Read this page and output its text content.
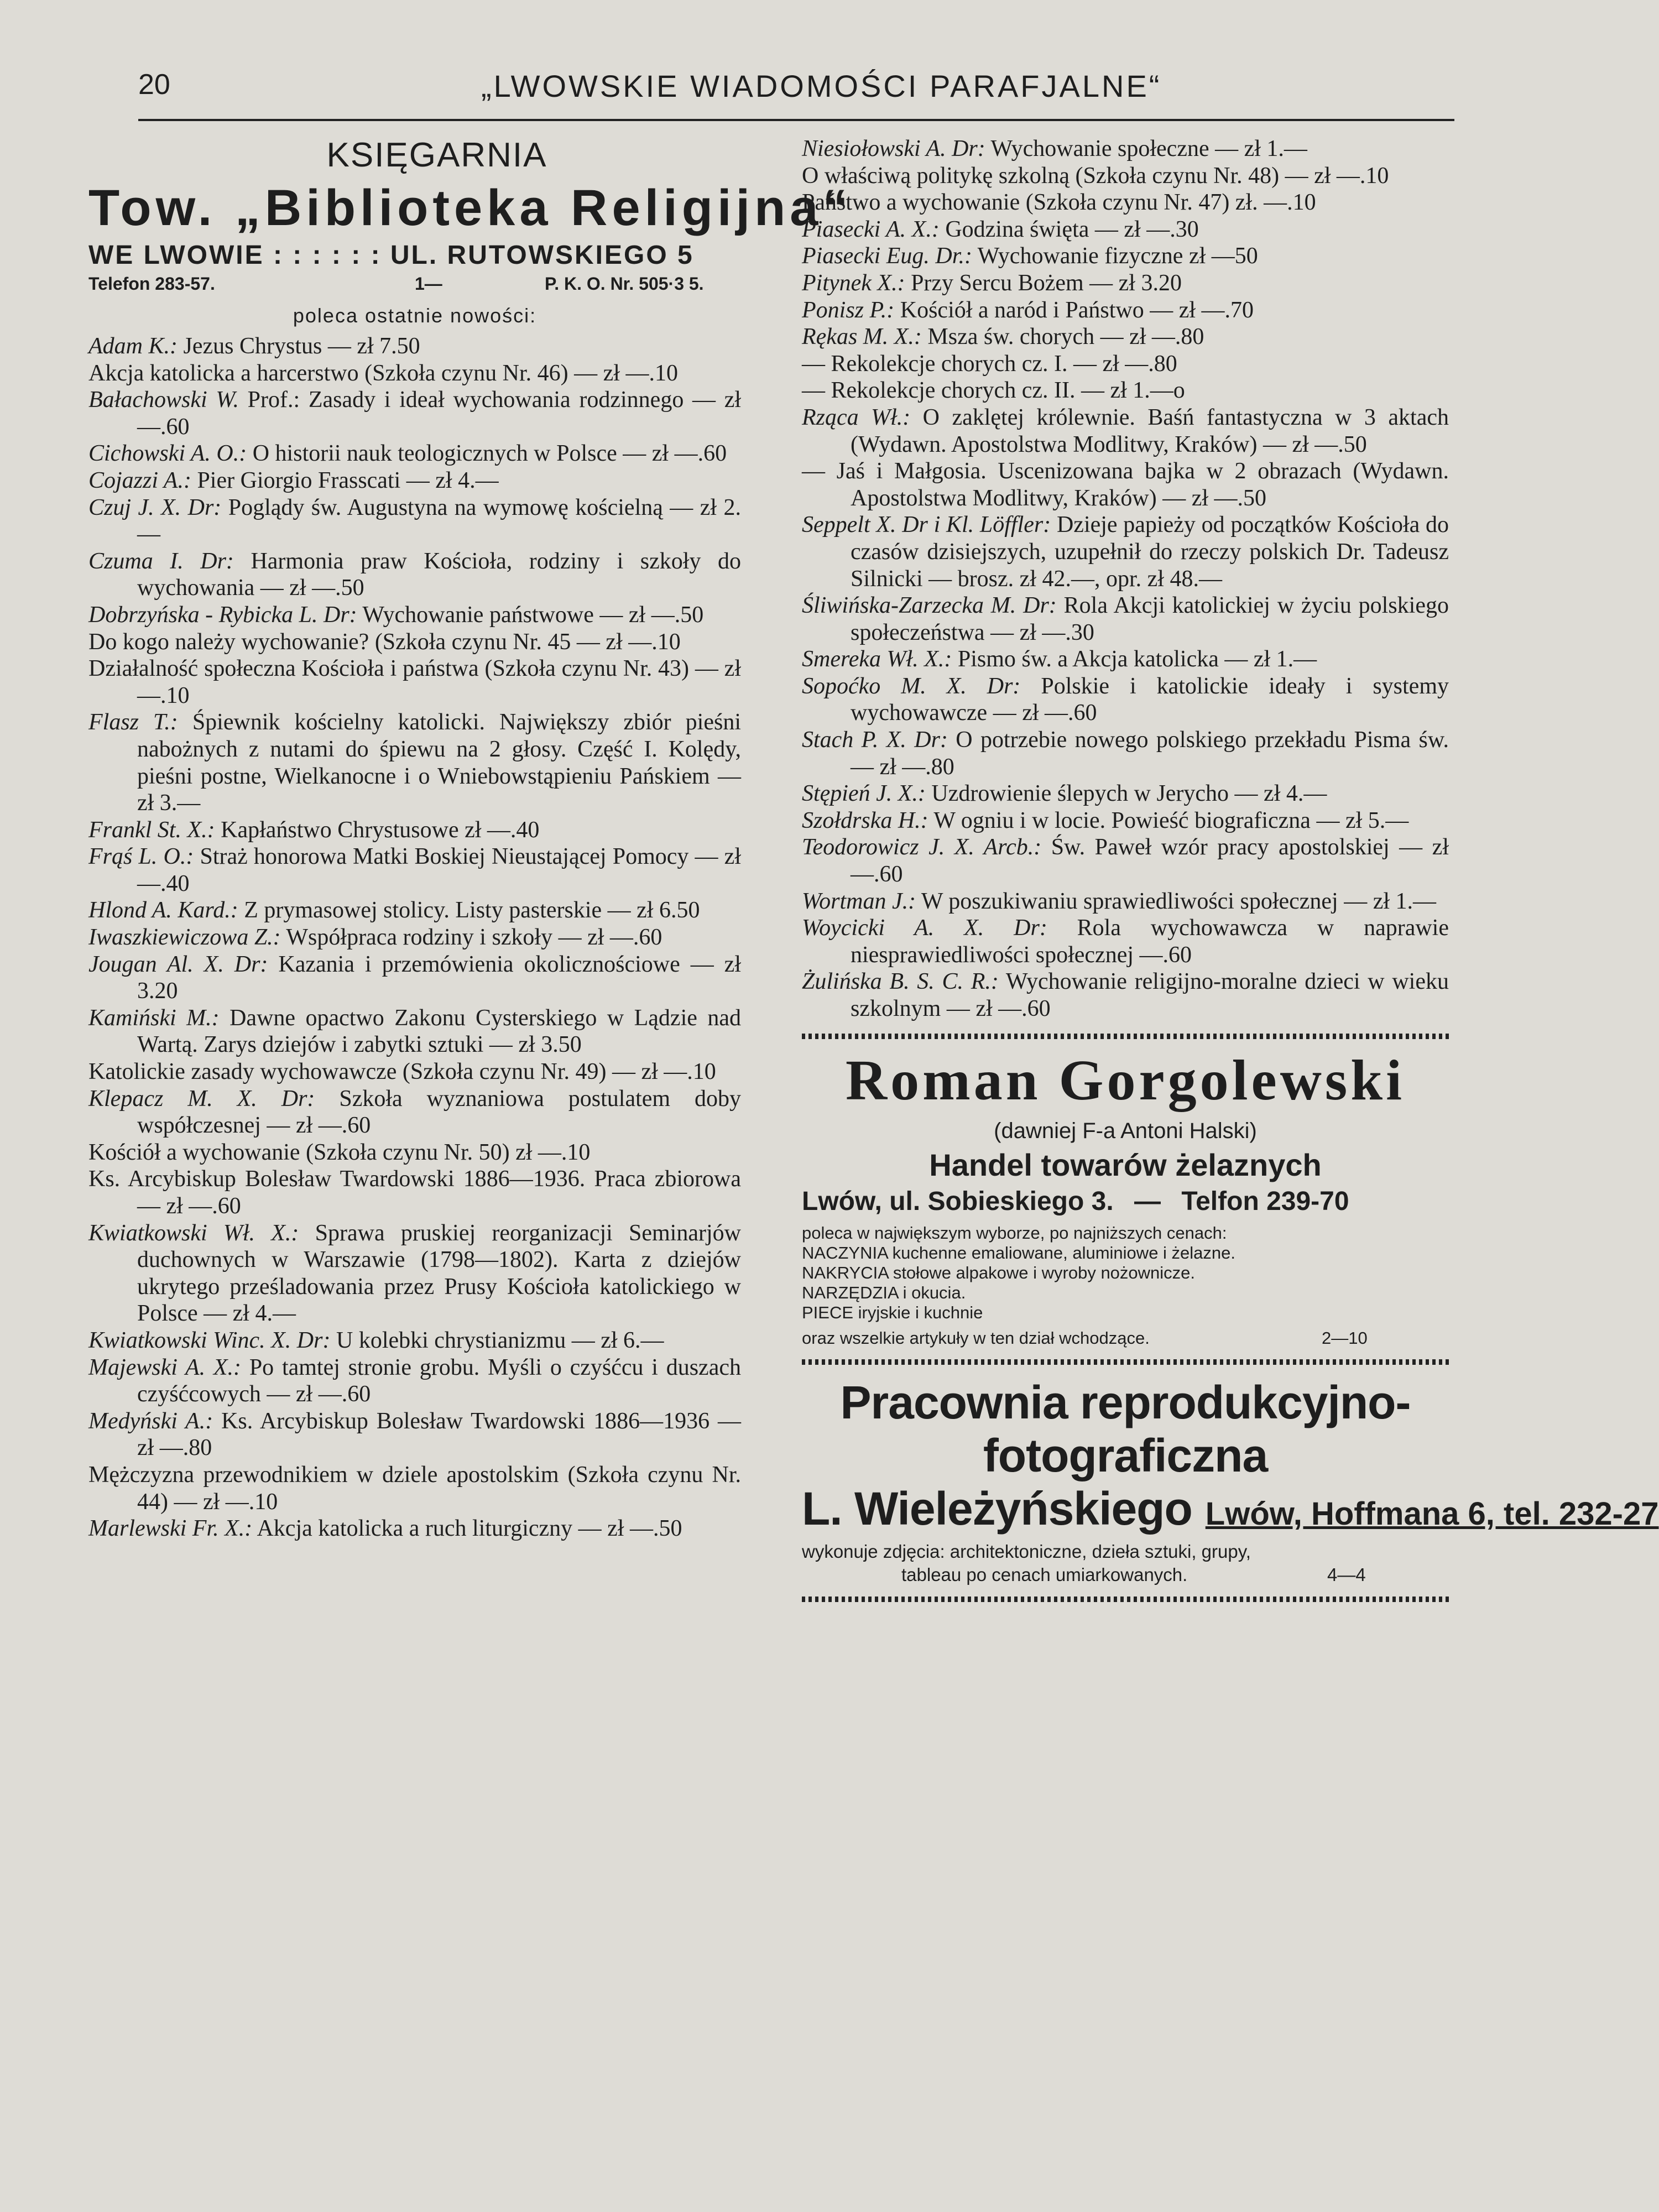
20	„LWOWSKIE WIADOMOŚCI PARAFJALNE“

KSIĘGARNIA

Tow. „Biblioteka Religijna“

WE LWOWIE : : : : : : UL. RUTOWSKIEGO 5

Telefon 283-57.	1—	P. K. O. Nr. 505·3 5.

poleca ostatnie nowości:

Adam K.: Jezus Chrystus — zł 7.50
Akcja katolicka a harcerstwo (Szkoła czynu Nr. 46) — zł —.10
Bałachowski W. Prof.: Zasady i ideał wychowania rodzinnego — zł —.60
Cichowski A. O.: O historii nauk teologicznych w Polsce — zł —.60
Cojazzi A.: Pier Giorgio Frasscati — zł 4.—
Czuj J. X. Dr: Poglądy św. Augustyna na wymowę kościelną — zł 2.—
Czuma I. Dr: Harmonia praw Kościoła, rodziny i szkoły do wychowania — zł —.50
Dobrzyńska - Rybicka L. Dr: Wychowanie państwowe — zł —.50
Do kogo należy wychowanie? (Szkoła czynu Nr. 45 — zł —.10
Działalność społeczna Kościoła i państwa (Szkoła czynu Nr. 43) — zł —.10
Flasz T.: Śpiewnik kościelny katolicki. Największy zbiór pieśni nabożnych z nutami do śpiewu na 2 głosy. Część I. Kolędy, pieśni postne, Wielkanocne i o Wniebowstąpieniu Pańskiem — zł 3.—
Frankl St. X.: Kapłaństwo Chrystusowe zł —.40
Frąś L. O.: Straż honorowa Matki Boskiej Nieustającej Pomocy — zł —.40
Hlond A. Kard.: Z prymasowej stolicy. Listy pasterskie — zł 6.50
Iwaszkiewiczowa Z.: Współpraca rodziny i szkoły — zł —.60
Jougan Al. X. Dr: Kazania i przemówienia okolicznościowe — zł 3.20
Kamiński M.: Dawne opactwo Zakonu Cysterskiego w Lądzie nad Wartą. Zarys dziejów i zabytki sztuki — zł 3.50
Katolickie zasady wychowawcze (Szkoła czynu Nr. 49) — zł —.10
Klepacz M. X. Dr: Szkoła wyznaniowa postulatem doby współczesnej — zł —.60
Kościół a wychowanie (Szkoła czynu Nr. 50) zł —.10
Ks. Arcybiskup Bolesław Twardowski 1886—1936. Praca zbiorowa — zł —.60
Kwiatkowski Wł. X.: Sprawa pruskiej reorganizacji Seminarjów duchownych w Warszawie (1798—1802). Karta z dziejów ukrytego prześladowania przez Prusy Kościoła katolickiego w Polsce — zł 4.—
Kwiatkowski Winc. X. Dr: U kolebki chrystianizmu — zł 6.—
Majewski A. X.: Po tamtej stronie grobu. Myśli o czyśćcu i duszach czyśćcowych — zł —.60
Medyński A.: Ks. Arcybiskup Bolesław Twardowski 1886—1936 — zł —.80
Mężczyzna przewodnikiem w dziele apostolskim (Szkoła czynu Nr. 44) — zł —.10
Marlewski Fr. X.: Akcja katolicka a ruch liturgiczny — zł —.50
Niesiołowski A. Dr: Wychowanie społeczne — zł 1.—
O właściwą politykę szkolną (Szkoła czynu Nr. 48) — zł —.10
Państwo a wychowanie (Szkoła czynu Nr. 47) zł. —.10
Piasecki A. X.: Godzina święta — zł —.30
Piasecki Eug. Dr.: Wychowanie fizyczne zł —50
Pitynek X.: Przy Sercu Bożem — zł 3.20
Ponisz P.: Kościół a naród i Państwo — zł —.70
Rękas M. X.: Msza św. chorych — zł —.80
— Rekolekcje chorych cz. I. — zł —.80
— Rekolekcje chorych cz. II. — zł 1.—o
Rząca Wł.: O zaklętej królewnie. Baśń fantastyczna w 3 aktach (Wydawn. Apostolstwa Modlitwy, Kraków) — zł —.50
— Jaś i Małgosia. Uscenizowana bajka w 2 obrazach (Wydawn. Apostolstwa Modlitwy, Kraków) — zł —.50
Seppelt X. Dr i Kl. Löffler: Dzieje papieży od początków Kościoła do czasów dzisiejszych, uzupełnił do rzeczy polskich Dr. Tadeusz Silnicki — brosz. zł 42.—, opr. zł 48.—
Śliwińska-Zarzecka M. Dr: Rola Akcji katolickiej w życiu polskiego społeczeństwa — zł —.30
Smereka Wł. X.: Pismo św. a Akcja katolicka — zł 1.—
Sopoćko M. X. Dr: Polskie i katolickie ideały i systemy wychowawcze — zł —.60
Stach P. X. Dr: O potrzebie nowego polskiego przekładu Pisma św. — zł —.80
Stępień J. X.: Uzdrowienie ślepych w Jerycho — zł 4.—
Szołdrska H.: W ogniu i w locie. Powieść biograficzna — zł 5.—
Teodorowicz J. X. Arcb.: Św. Paweł wzór pracy apostolskiej — zł —.60
Wortman J.: W poszukiwaniu sprawiedliwości społecznej — zł 1.—
Woycicki A. X. Dr: Rola wychowawcza w naprawie niesprawiedliwości społecznej —.60
Żulińska B. S. C. R.: Wychowanie religijno-moralne dzieci w wieku szkolnym — zł —.60

Roman Gorgolewski

(dawniej F-a Antoni Halski)

Handel towarów żelaznych

Lwów, ul. Sobieskiego 3. — Telfon 239-70

poleca w największym wyborze, po najniższych cenach:
NACZYNIA kuchenne emaliowane, aluminiowe i żelazne.
NAKRYCIA stołowe alpakowe i wyroby nożownicze.
NARZĘDZIA i okucia.
PIECE iryjskie i kuchnie

oraz wszelkie artykuły w ten dział wchodzące.	2—10

Pracownia reprodukcyjno-fotograficzna

L. Wieleżyńskiego Lwów, Hoffmana 6, tel. 232-27

wykonuje zdjęcia: architektoniczne, dzieła sztuki, grupy,

tableau po cenach umiarkowanych.	4—4
